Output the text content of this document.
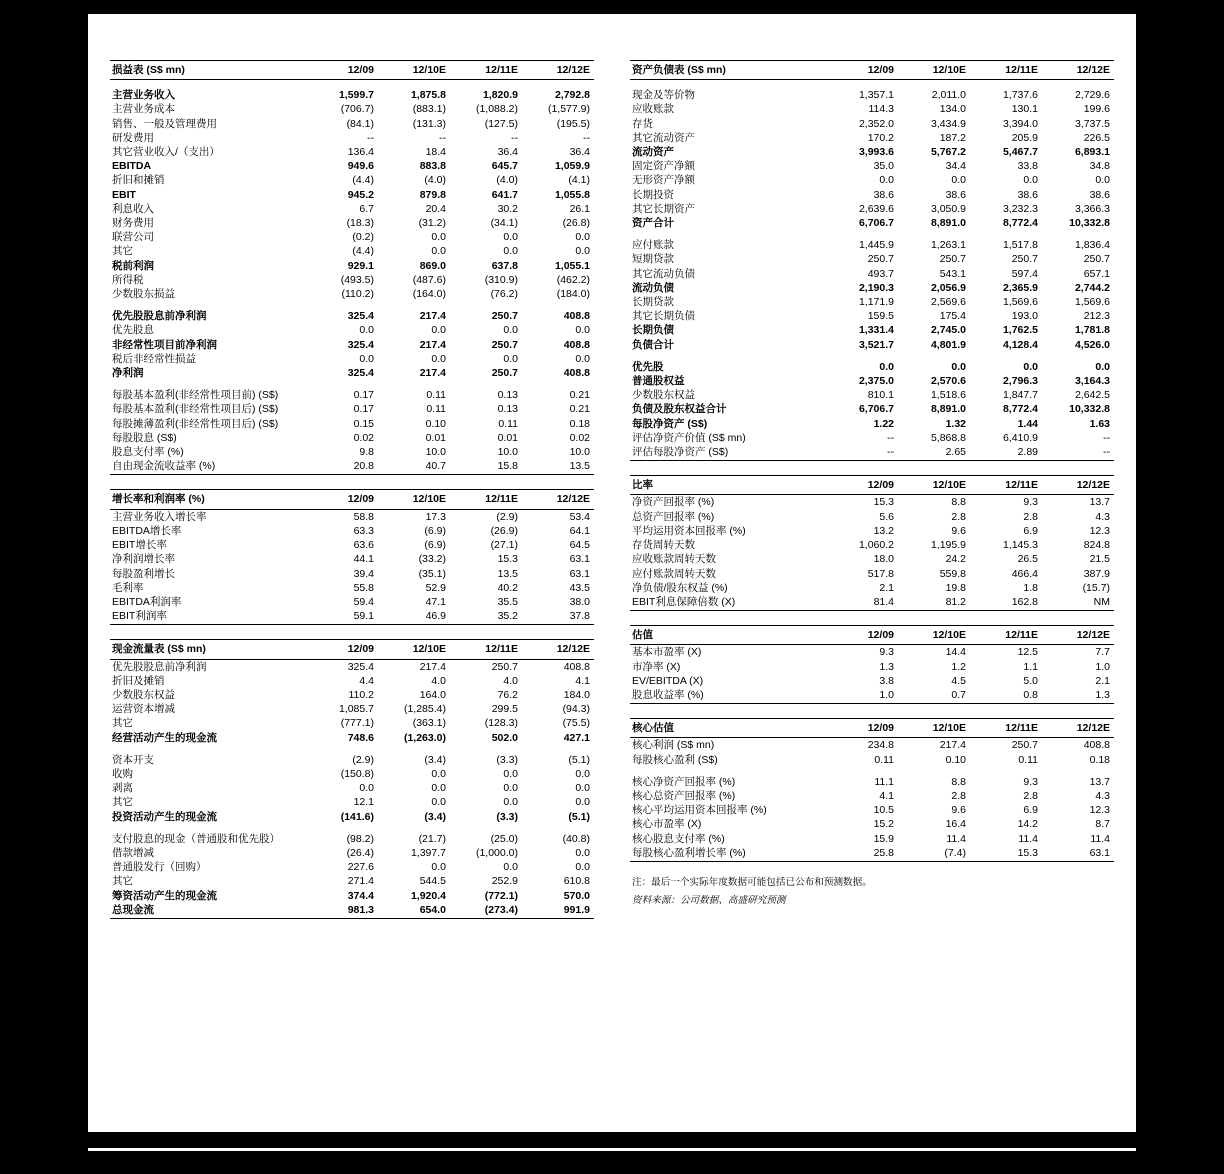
损益表 (S$ mn)	12/09	12/10E	12/11E	12/12E

主营业务收入	1,599.7	1,875.8	1,820.9	2,792.8
主营业务成本	(706.7)	(883.1)	(1,088.2)	(1,577.9)
销售、一般及管理费用	(84.1)	(131.3)	(127.5)	(195.5)
研发费用	--	--	--	--
其它营业收入/（支出）	136.4	18.4	36.4	36.4
EBITDA	949.6	883.8	645.7	1,059.9
折旧和摊销	(4.4)	(4.0)	(4.0)	(4.1)
EBIT	945.2	879.8	641.7	1,055.8
利息收入	6.7	20.4	30.2	26.1
财务费用	(18.3)	(31.2)	(34.1)	(26.8)
联营公司	(0.2)	0.0	0.0	0.0
其它	(4.4)	0.0	0.0	0.0
税前利润	929.1	869.0	637.8	1,055.1
所得税	(493.5)	(487.6)	(310.9)	(462.2)
少数股东损益	(110.2)	(164.0)	(76.2)	(184.0)

优先股股息前净利润	325.4	217.4	250.7	408.8
优先股息	0.0	0.0	0.0	0.0
非经常性项目前净利润	325.4	217.4	250.7	408.8
税后非经常性损益	0.0	0.0	0.0	0.0
净利润	325.4	217.4	250.7	408.8

每股基本盈利(非经常性项目前) (S$)	0.17	0.11	0.13	0.21
每股基本盈利(非经常性项目后) (S$)	0.17	0.11	0.13	0.21
每股摊薄盈利(非经常性项目后) (S$)	0.15	0.10	0.11	0.18
每股股息 (S$)	0.02	0.01	0.01	0.02
股息支付率 (%)	9.8	10.0	10.0	10.0
自由现金流收益率 (%)	20.8	40.7	15.8	13.5
增长率和利润率 (%)	12/09	12/10E	12/11E	12/12E
主营业务收入增长率	58.8	17.3	(2.9)	53.4
EBITDA增长率	63.3	(6.9)	(26.9)	64.1
EBIT增长率	63.6	(6.9)	(27.1)	64.5
净利润增长率	44.1	(33.2)	15.3	63.1
每股盈利增长	39.4	(35.1)	13.5	63.1
毛利率	55.8	52.9	40.2	43.5
EBITDA利润率	59.4	47.1	35.5	38.0
EBIT利润率	59.1	46.9	35.2	37.8
现金流量表 (S$ mn)	12/09	12/10E	12/11E	12/12E
优先股股息前净利润	325.4	217.4	250.7	408.8
折旧及摊销	4.4	4.0	4.0	4.1
少数股东权益	110.2	164.0	76.2	184.0
运营资本增减	1,085.7	(1,285.4)	299.5	(94.3)
其它	(777.1)	(363.1)	(128.3)	(75.5)
经营活动产生的现金流	748.6	(1,263.0)	502.0	427.1

资本开支	(2.9)	(3.4)	(3.3)	(5.1)
收购	(150.8)	0.0	0.0	0.0
剥离	0.0	0.0	0.0	0.0
其它	12.1	0.0	0.0	0.0
投资活动产生的现金流	(141.6)	(3.4)	(3.3)	(5.1)

支付股息的现金（普通股和优先股）	(98.2)	(21.7)	(25.0)	(40.8)
借款增减	(26.4)	1,397.7	(1,000.0)	0.0
普通股发行（回购）	227.6	0.0	0.0	0.0
其它	271.4	544.5	252.9	610.8
筹资活动产生的现金流	374.4	1,920.4	(772.1)	570.0
总现金流	981.3	654.0	(273.4)	991.9
资产负债表 (S$ mn)	12/09	12/10E	12/11E	12/12E

现金及等价物	1,357.1	2,011.0	1,737.6	2,729.6
应收账款	114.3	134.0	130.1	199.6
存货	2,352.0	3,434.9	3,394.0	3,737.5
其它流动资产	170.2	187.2	205.9	226.5
流动资产	3,993.6	5,767.2	5,467.7	6,893.1
固定资产净额	35.0	34.4	33.8	34.8
无形资产净额	0.0	0.0	0.0	0.0
长期投资	38.6	38.6	38.6	38.6
其它长期资产	2,639.6	3,050.9	3,232.3	3,366.3
资产合计	6,706.7	8,891.0	8,772.4	10,332.8

应付账款	1,445.9	1,263.1	1,517.8	1,836.4
短期贷款	250.7	250.7	250.7	250.7
其它流动负债	493.7	543.1	597.4	657.1
流动负债	2,190.3	2,056.9	2,365.9	2,744.2
长期贷款	1,171.9	2,569.6	1,569.6	1,569.6
其它长期负债	159.5	175.4	193.0	212.3
长期负债	1,331.4	2,745.0	1,762.5	1,781.8
负债合计	3,521.7	4,801.9	4,128.4	4,526.0

优先股	0.0	0.0	0.0	0.0
普通股权益	2,375.0	2,570.6	2,796.3	3,164.3
少数股东权益	810.1	1,518.6	1,847.7	2,642.5
负债及股东权益合计	6,706.7	8,891.0	8,772.4	10,332.8
每股净资产 (S$)	1.22	1.32	1.44	1.63
评估净资产价值 (S$ mn)	--	5,868.8	6,410.9	--
评估每股净资产 (S$)	--	2.65	2.89	--
比率	12/09	12/10E	12/11E	12/12E
净资产回报率 (%)	15.3	8.8	9.3	13.7
总资产回报率 (%)	5.6	2.8	2.8	4.3
平均运用资本回报率 (%)	13.2	9.6	6.9	12.3
存货周转天数	1,060.2	1,195.9	1,145.3	824.8
应收账款周转天数	18.0	24.2	26.5	21.5
应付账款周转天数	517.8	559.8	466.4	387.9
净负债/股东权益 (%)	2.1	19.8	1.8	(15.7)
EBIT利息保障倍数 (X)	81.4	81.2	162.8	NM
估值	12/09	12/10E	12/11E	12/12E
基本市盈率 (X)	9.3	14.4	12.5	7.7
市净率 (X)	1.3	1.2	1.1	1.0
EV/EBITDA (X)	3.8	4.5	5.0	2.1
股息收益率 (%)	1.0	0.7	0.8	1.3
核心估值	12/09	12/10E	12/11E	12/12E
核心利润 (S$ mn)	234.8	217.4	250.7	408.8
每股核心盈利 (S$)	0.11	0.10	0.11	0.18

核心净资产回报率 (%)	11.1	8.8	9.3	13.7
核心总资产回报率 (%)	4.1	2.8	2.8	4.3
核心平均运用资本回报率 (%)	10.5	9.6	6.9	12.3
核心市盈率 (X)	15.2	16.4	14.2	8.7
核心股息支付率 (%)	15.9	11.4	11.4	11.4
每股核心盈利增长率 (%)	25.8	(7.4)	15.3	63.1
注：最后一个实际年度数据可能包括已公布和预测数据。
资料来源：公司数据、高盛研究预测
